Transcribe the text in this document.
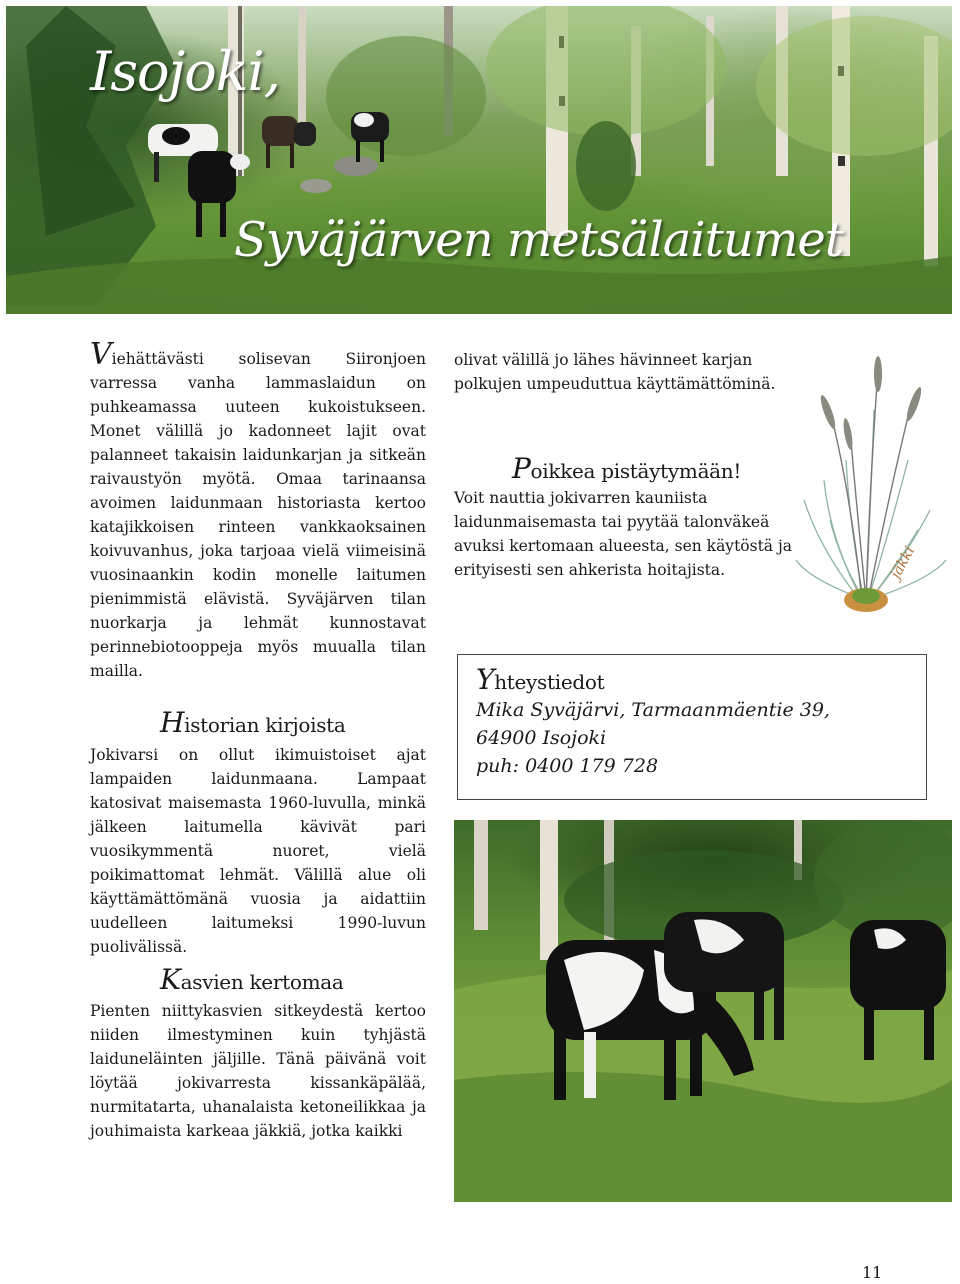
Isojoki,
Syväjärven metsälaitumet

Viehättävästi solisevan Siironjoen varressa vanha lammaslaidun on puhkeamassa uuteen kukoistukseen. Monet välillä jo kadonneet lajit ovat palanneet takaisin laidunkarjan ja sitkeän raivaustyön myötä. Omaa tarinaansa avoimen laidunmaan historiasta kertoo katajikkoisen rinteen vankkaoksainen koivuvanhus, joka tarjoaa vielä viimeisinä vuosinaankin kodin monelle laitumen pienimmistä elävistä. Syväjärven tilan nuorkarja ja lehmät kunnostavat perinnebiotooppeja myös muualla tilan mailla.

Historian kirjoista

Jokivarsi on ollut ikimuistoiset ajat lampaiden laidunmaana. Lampaat katosivat maisemasta 1960-luvulla, minkä jälkeen laitumella kävivät pari vuosikymmentä nuoret, vielä poikimattomat lehmät. Välillä alue oli käyttämättömänä vuosia ja aidattiin uudelleen laitumeksi 1990-luvun puolivälissä.

Kasvien kertomaa

Pienten niittykasvien sitkeydestä kertoo niiden ilmestyminen kuin tyhjästä laiduneläinten jäljille. Tänä päivänä voit löytää jokivarresta kissankäpälää, nurmitatarta, uhanalaista ketoneilikkaa ja jouhimaista karkeaa jäkkiä, jotka kaikki

olivat välillä jo lähes hävinneet karjan polkujen umpeuduttua käyttämättöminä.

Poikkea pistäytymään!

Voit nauttia jokivarren kauniista laidunmaisemasta tai pyytää talonväkeä avuksi kertomaan alueesta, sen käytöstä ja erityisesti sen ahkerista hoitajista.	jäkki
Yhteystiedot
Mika Syväjärvi, Tarmaanmäentie 39,
64900 Isojoki
puh: 0400 179 728
11
